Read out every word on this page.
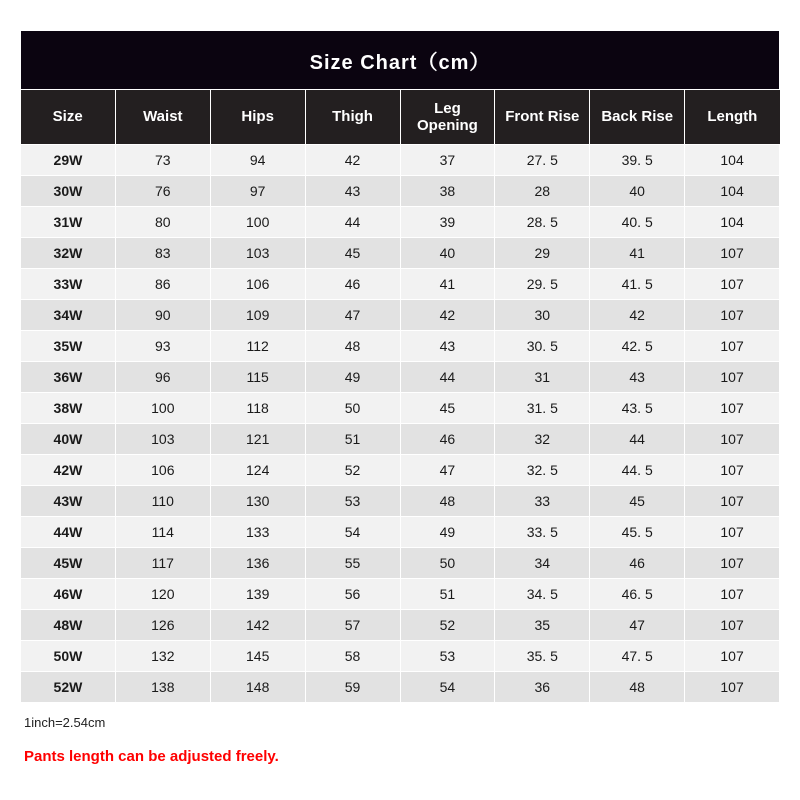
Size Chart（cm）							
Size	Waist	Hips	Thigh	Leg Opening	Front Rise	Back Rise	Length
29W	73	94	42	37	27. 5	39. 5	104
30W	76	97	43	38	28	40	104
31W	80	100	44	39	28. 5	40. 5	104
32W	83	103	45	40	29	41	107
33W	86	106	46	41	29. 5	41. 5	107
34W	90	109	47	42	30	42	107
35W	93	112	48	43	30. 5	42. 5	107
36W	96	115	49	44	31	43	107
38W	100	118	50	45	31. 5	43. 5	107
40W	103	121	51	46	32	44	107
42W	106	124	52	47	32. 5	44. 5	107
43W	110	130	53	48	33	45	107
44W	114	133	54	49	33. 5	45. 5	107
45W	117	136	55	50	34	46	107
46W	120	139	56	51	34. 5	46. 5	107
48W	126	142	57	52	35	47	107
50W	132	145	58	53	35. 5	47. 5	107
52W	138	148	59	54	36	48	107
1inch=2.54cm
Pants length can be adjusted freely.
